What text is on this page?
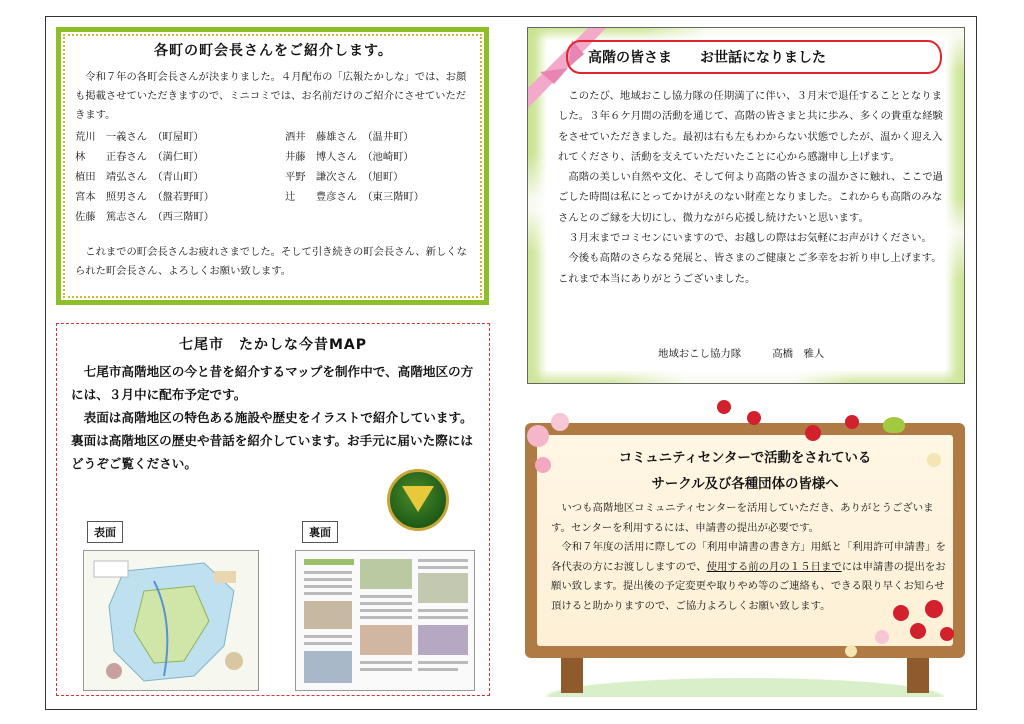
各町の町会長さんをご紹介します。

　令和７年の各町会長さんが決まりました。４月配布の「広報たかしな」では、お顔も掲載させていただきますので、ミニコミでは、お名前だけのご紹介にさせていただきます。

荒川　一義さん　（町屋町）	酒井　藤雄さん　（温井町）
林　　正春さん　（満仁町）	井藤　博人さん　（池崎町）
植田　靖弘さん　（青山町）	平野　謙次さん　（旭町）
宮本　照男さん　（盤若野町）	辻　　豊彦さん　（東三階町）
佐藤　篤志さん　（西三階町）

　これまでの町会長さんお疲れさまでした。そして引き続きの町会長さん、新しくなられた町会長さん、よろしくお願い致します。

七尾市　たかしな今昔MAP

　七尾市高階地区の今と昔を紹介するマップを制作中で、高階地区の方には、３月中に配布予定です。

　表面は高階地区の特色ある施設や歴史をイラストで紹介しています。裏面は高階地区の歴史や昔話を紹介しています。お手元に届いた際にはどうぞご覧ください。

表面	裏面
高階の皆さま　　お世話になりました

　このたび、地域おこし協力隊の任期満了に伴い、３月末で退任することとなりました。３年６ケ月間の活動を通じて、高階の皆さまと共に歩み、多くの貴重な経験をさせていただきました。最初は右も左もわからない状態でしたが、温かく迎え入れてくださり、活動を支えていただいたことに心から感謝申し上げます。

　高階の美しい自然や文化、そして何より高階の皆さまの温かさに触れ、ここで過ごした時間は私にとってかけがえのない財産となりました。これからも高階のみなさんとのご縁を大切にし、微力ながら応援し続けたいと思います。

　３月末までコミセンにいますので、お越しの際はお気軽にお声がけください。

　今後も高階のさらなる発展と、皆さまのご健康とご多幸をお祈り申し上げます。これまで本当にありがとうございました。

地域おこし協力隊　　　高橋　雅人
コミュニティセンターで活動をされている
サークル及び各種団体の皆様へ

　いつも高階地区コミュニティセンターを活用していただき、ありがとうございます。センターを利用するには、申請書の提出が必要です。

　令和７年度の活用に際しての「利用申請書の書き方」用紙と「利用許可申請書」を各代表の方にお渡ししますので、使用する前の月の１５日までには申請書の提出をお願い致します。提出後の予定変更や取りやめ等のご連絡も、できる限り早くお知らせ頂けると助かりますので、ご協力よろしくお願い致します。
